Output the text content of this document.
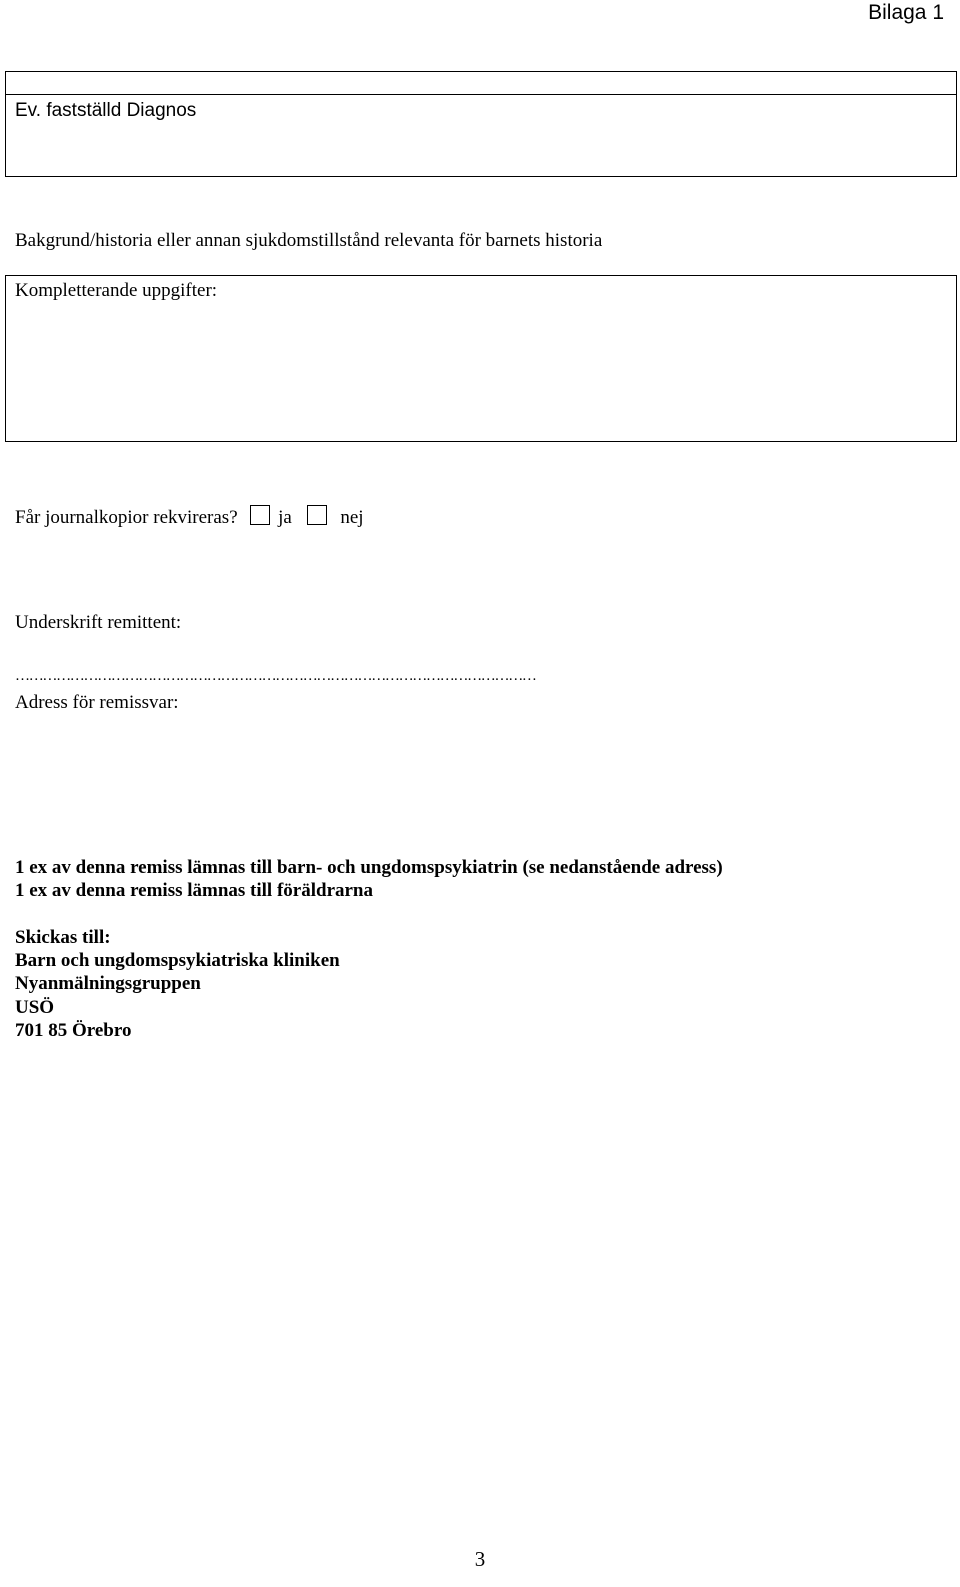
Bilaga 1
Ev. fastställd Diagnos
Bakgrund/historia eller annan sjukdomstillstånd relevanta för barnets historia
Kompletterande uppgifter:
Får journalkopior rekvireras? ja	nej
Underskrift remittent:
……………………………………………………………………………………………………
Adress för remissvar:
1 ex av denna remiss lämnas till barn- och ungdomspsykiatrin (se nedanstående adress)
1 ex av denna remiss lämnas till föräldrarna
Skickas till:
Barn och ungdomspsykiatriska kliniken
Nyanmälningsgruppen
USÖ
701 85 Örebro
3
